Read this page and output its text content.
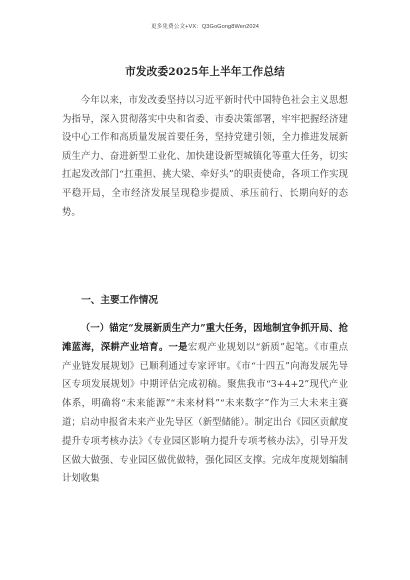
更多免费公文+VX：Q3GoGong8Wen2024
市发改委2025年上半年工作总结

今年以来，市发改委坚持以习近平新时代中国特色社会主义思想为指导，深入贯彻落实中央和省委、市委决策部署，牢牢把握经济建设中心工作和高质量发展首要任务，坚持党建引领，全力推进发展新质生产力、奋进新型工业化、加快建设新型城镇化等重大任务，切实扛起发改部门“扛重担、挑大梁、牵好头”的职责使命，各项工作实现平稳开局，全市经济发展呈现稳步提质、承压前行、长期向好的态势。

一、主要工作情况

（一）锚定“发展新质生产力”重大任务，因地制宜争抓开局、抢滩蓝海，深耕产业培育。一是宏观产业规划以“新质”起笔。《市重点产业链发展规划》已顺利通过专家评审。《市“十四五”向海发展先导区专项发展规划》中期评估完成初稿。聚焦我市“3+4+2”现代产业体系，明确将“未来能源”“未来材料”“未来数字”作为三大未来主赛道；启动申报省未来产业先导区（新型储能）。制定出台《园区贡献度提升专项考核办法》《专业园区影响力提升专项考核办法》，引导开发区做大做强、专业园区做优做特，强化园区支撑。完成年度规划编制计划收集
